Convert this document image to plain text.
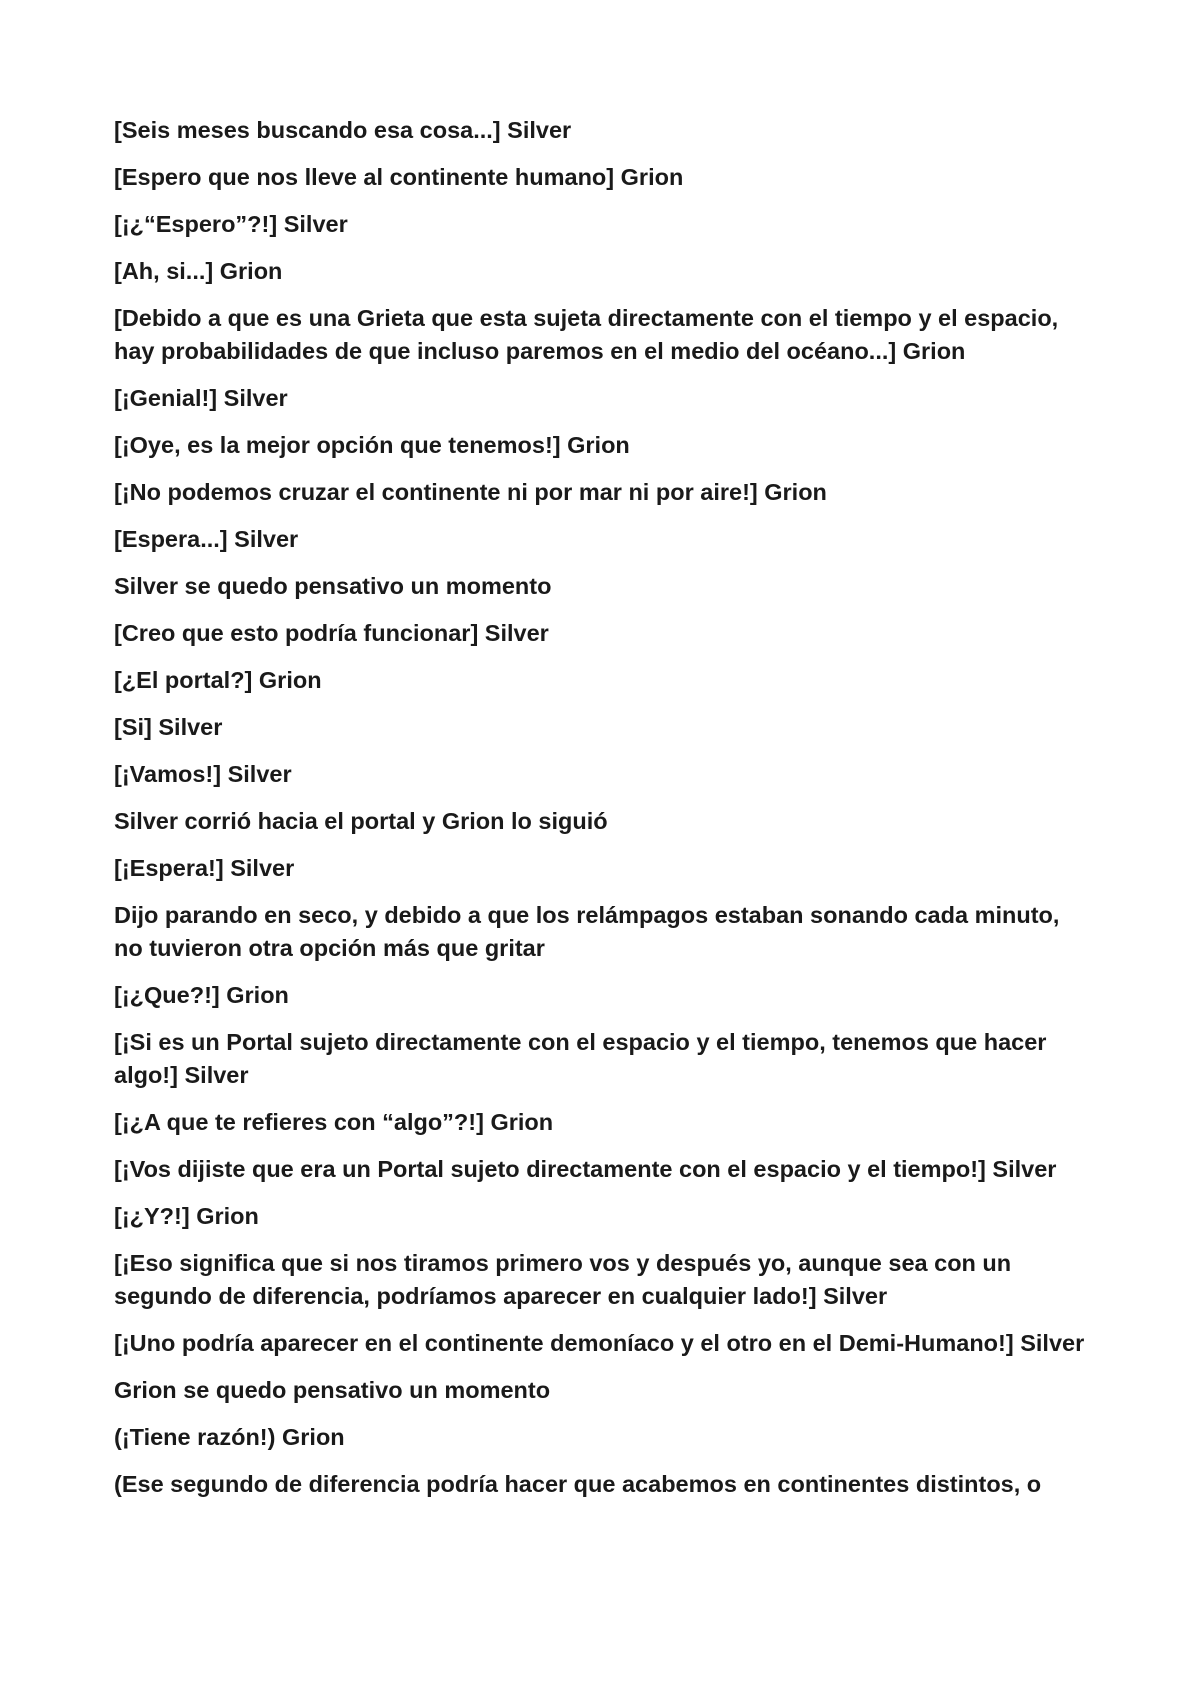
[Seis meses buscando esa cosa...] Silver

[Espero que nos lleve al continente humano] Grion

[¡¿“Espero”?!] Silver

[Ah, si...] Grion

[Debido a que es una Grieta que esta sujeta directamente con el tiempo y el espacio, hay probabilidades de que incluso paremos en el medio del océano...] Grion

[¡Genial!] Silver

[¡Oye, es la mejor opción que tenemos!] Grion

[¡No podemos cruzar el continente ni por mar ni por aire!] Grion

[Espera...] Silver

Silver se quedo pensativo un momento

[Creo que esto podría funcionar] Silver

[¿El portal?] Grion

[Si] Silver

[¡Vamos!] Silver

Silver corrió hacia el portal y Grion lo siguió

[¡Espera!] Silver

Dijo parando en seco, y debido a que los relámpagos estaban sonando cada minuto, no tuvieron otra opción más que gritar

[¡¿Que?!] Grion

[¡Si es un Portal sujeto directamente con el espacio y el tiempo, tenemos que hacer algo!] Silver

[¡¿A que te refieres con “algo”?!] Grion

[¡Vos dijiste que era un Portal sujeto directamente con el espacio y el tiempo!] Silver

[¡¿Y?!] Grion

[¡Eso significa que si nos tiramos primero vos y después yo, aunque sea con un segundo de diferencia, podríamos aparecer en cualquier lado!] Silver

[¡Uno podría aparecer en el continente demoníaco y el otro en el Demi-Humano!] Silver

Grion se quedo pensativo un momento

(¡Tiene razón!) Grion

(Ese segundo de diferencia podría hacer que acabemos en continentes distintos, o
